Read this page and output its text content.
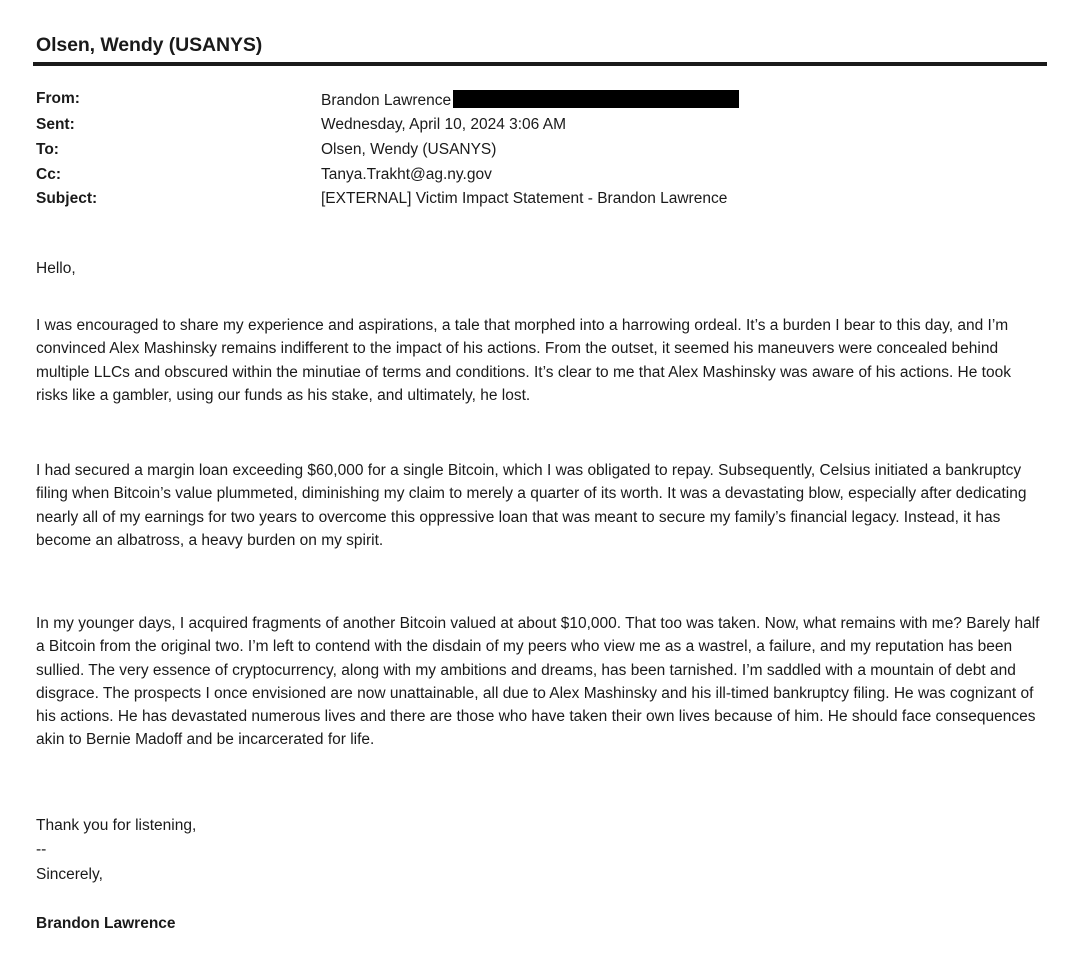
Olsen, Wendy (USANYS)
From:	Brandon Lawrence
Sent:	Wednesday, April 10, 2024 3:06 AM
To:	Olsen, Wendy (USANYS)
Cc:	Tanya.Trakht@ag.ny.gov
Subject:	[EXTERNAL] Victim Impact Statement - Brandon Lawrence

Hello,

I was encouraged to share my experience and aspirations, a tale that morphed into a harrowing ordeal. It’s a burden I bear to this day, and I’m convinced Alex Mashinsky remains indifferent to the impact of his actions. From the outset, it seemed his maneuvers were concealed behind multiple LLCs and obscured within the minutiae of terms and conditions. It’s clear to me that Alex Mashinsky was aware of his actions. He took risks like a gambler, using our funds as his stake, and ultimately, he lost.

I had secured a margin loan exceeding $60,000 for a single Bitcoin, which I was obligated to repay. Subsequently, Celsius initiated a bankruptcy filing when Bitcoin’s value plummeted, diminishing my claim to merely a quarter of its worth. It was a devastating blow, especially after dedicating nearly all of my earnings for two years to overcome this oppressive loan that was meant to secure my family’s financial legacy. Instead, it has become an albatross, a heavy burden on my spirit.

In my younger days, I acquired fragments of another Bitcoin valued at about $10,000. That too was taken. Now, what remains with me? Barely half a Bitcoin from the original two. I’m left to contend with the disdain of my peers who view me as a wastrel, a failure, and my reputation has been sullied. The very essence of cryptocurrency, along with my ambitions and dreams, has been tarnished. I’m saddled with a mountain of debt and disgrace. The prospects I once envisioned are now unattainable, all due to Alex Mashinsky and his ill-timed bankruptcy filing. He was cognizant of his actions. He has devastated numerous lives and there are those who have taken their own lives because of him. He should face consequences akin to Bernie Madoff and be incarcerated for life.

Thank you for listening,

--

Sincerely,

Brandon Lawrence
